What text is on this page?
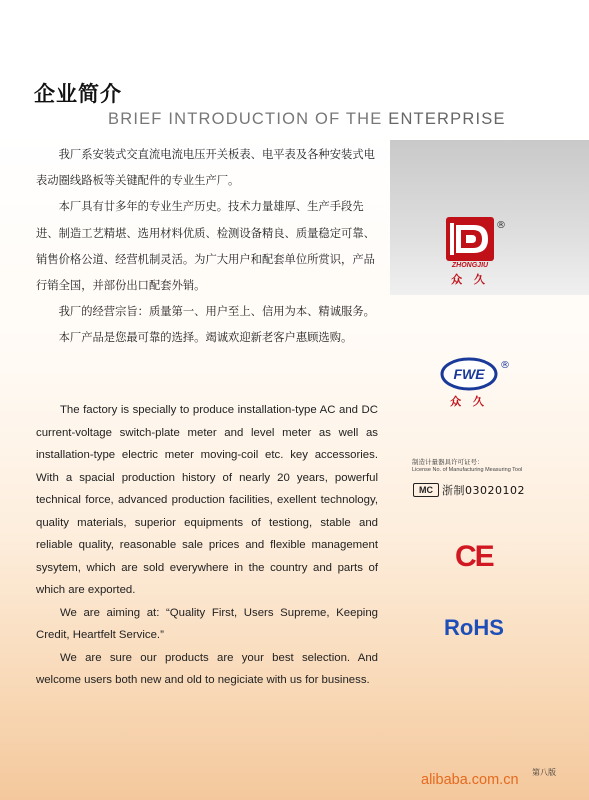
企业简介
BRIEF INTRODUCTION OF THE ENTERPRISE

我厂系安装式交直流电流电压开关板表、电平表及各种安装式电表动圈线路板等关键配件的专业生产厂。

本厂具有廿多年的专业生产历史。技术力量雄厚、生产手段先进、制造工艺精堪、选用材料优质、检测设备精良、质量稳定可靠、销售价格公道、经营机制灵活。为广大用户和配套单位所赏识，产品行销全国，并部份出口配套外销。

我厂的经营宗旨：质量第一、用户至上、信用为本、精诚服务。

本厂产品是您最可靠的选择。竭诚欢迎新老客户惠顾选购。

The factory is specially to produce installation-type AC and DC current-voltage switch-plate meter and level meter as well as installation-type electric meter moving-coil etc. key accessories. With a spacial production history of nearly 20 years, powerful technical force, advanced production facilities, exellent technology, quality materials, superior equipments of testiong, stable and reliable quality, reasonable sale prices and flexible management sysytem, which are sold everywhere in the country and parts of which are exported.

We are aiming at: “Quality First, Users Supreme, Keeping Credit, Heartfelt Service.”

We are sure our products are your best selection. And welcome users both new and old to negiciate with us for business.

ZHONGJIU
众 久
®
FWE
众 久
®
制造计量器具许可证号：
License No. of Manufacturing Measuring Tool
MC 浙制03020102
CE
RoHS
第八版
alibaba.com.cn
